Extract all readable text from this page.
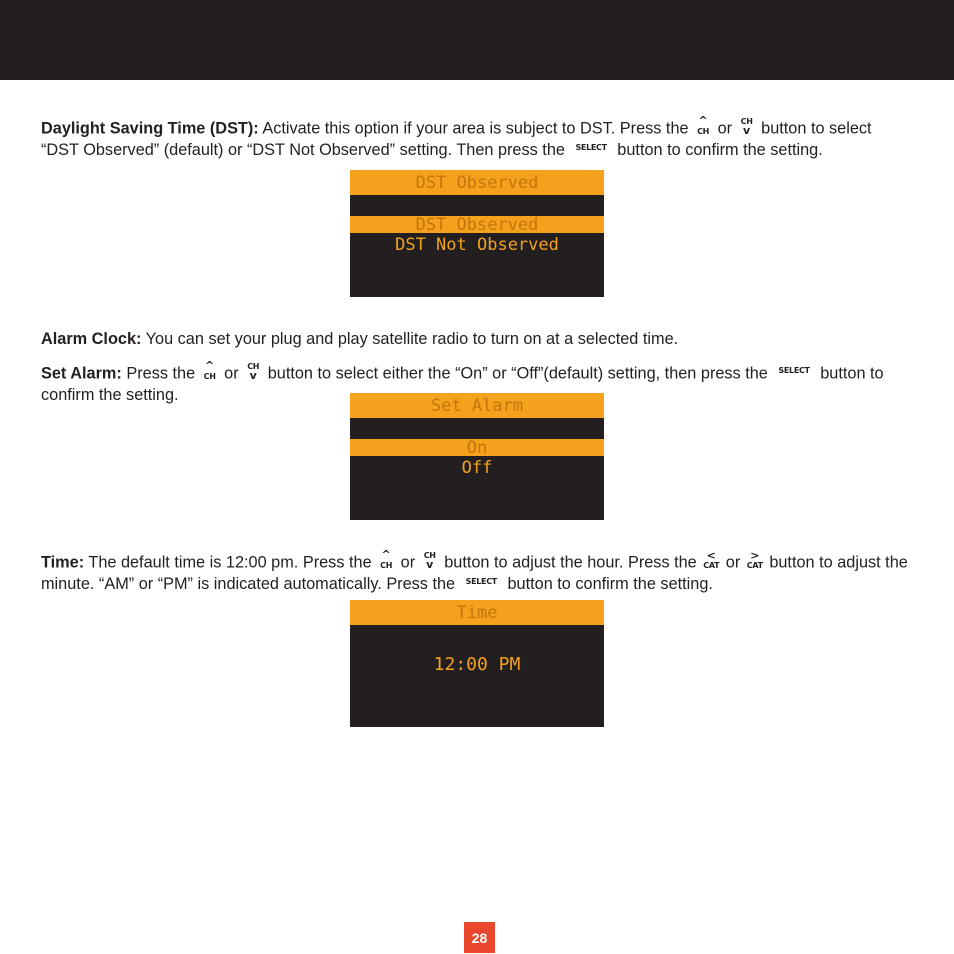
Daylight Saving Time (DST): Activate this option if your area is subject to DST. Press the ^
CH or CH
v button to select “DST Observed” (default) or “DST Not Observed” setting. Then press the SELECT button to confirm the setting.

DST Observed
DST Observed
DST Not Observed

Alarm Clock: You can set your plug and play satellite radio to turn on at a selected time.

Set Alarm: Press the ^
CH or CH
v button to select either the “On” or “Off”(default) setting, then press the SELECT button to confirm the setting.

Set Alarm
On
Off

Time: The default time is 12:00 pm. Press the ^
CH or CH
v button to adjust the hour. Press the <
CAT or >
CAT button to adjust the minute. “AM” or “PM” is indicated automatically. Press the SELECT button to confirm the setting.

Time
12:00 PM
28
